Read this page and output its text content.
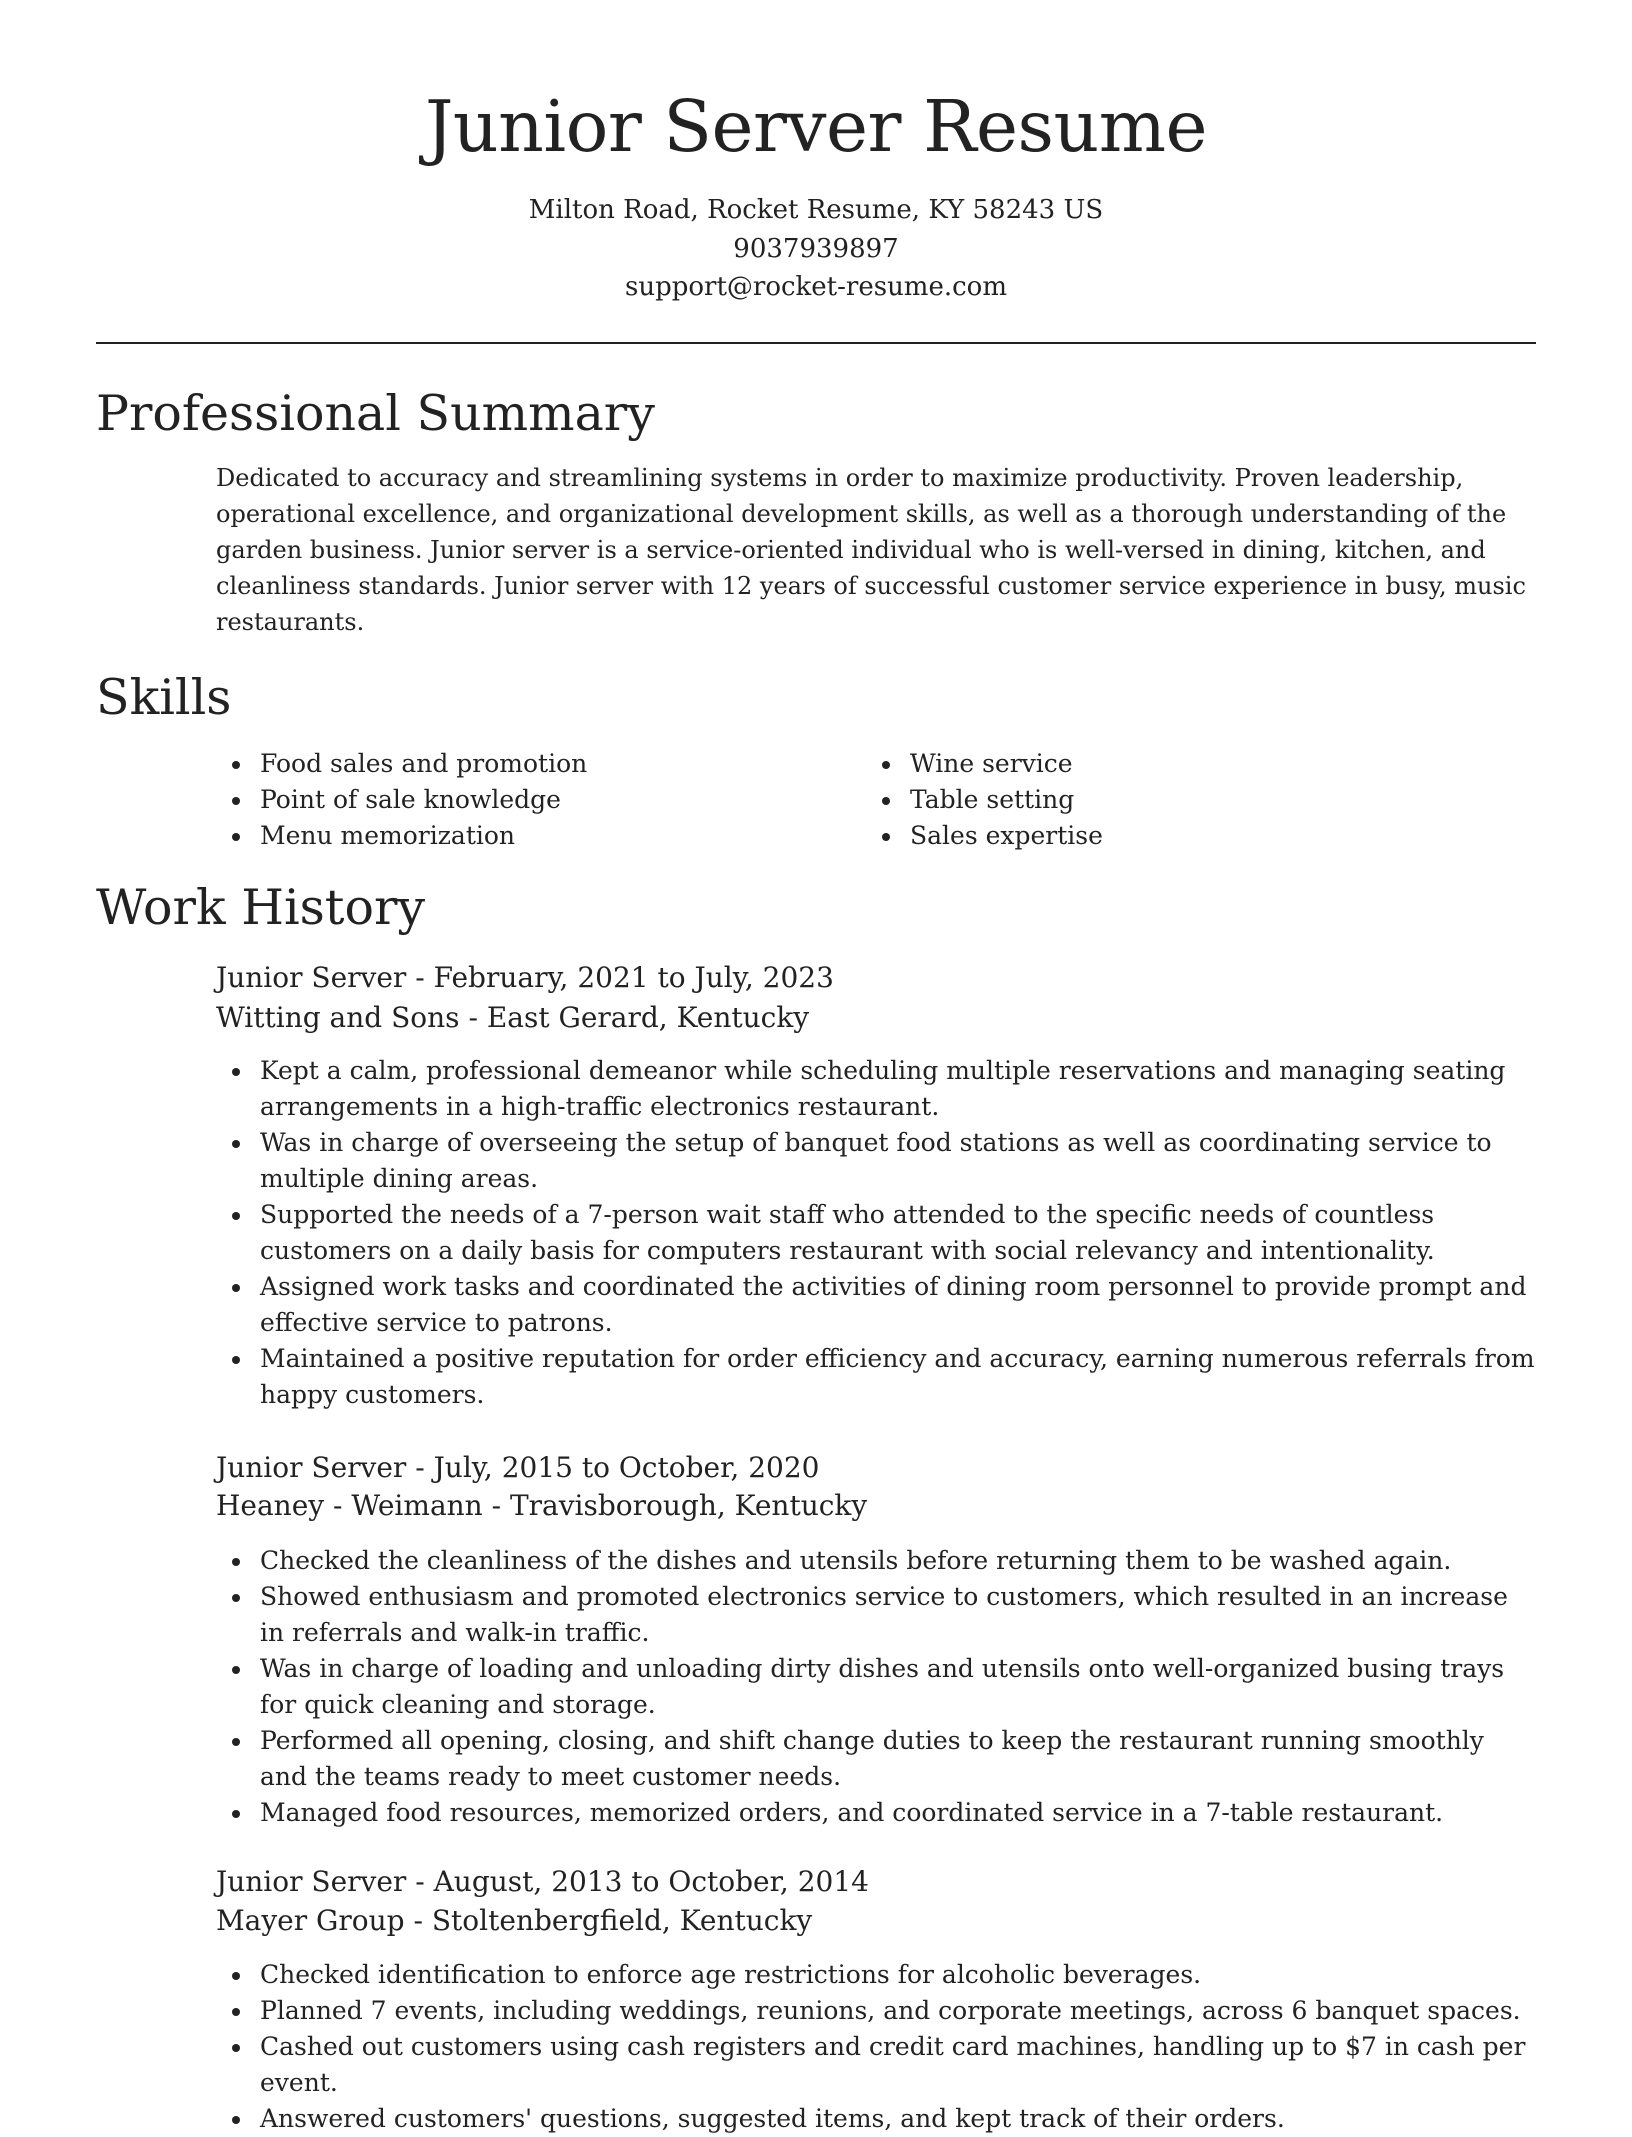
Junior Server Resume
Milton Road, Rocket Resume, KY 58243 US
9037939897
support@rocket-resume.com
Professional Summary

Dedicated to accuracy and streamlining systems in order to maximize productivity. Proven leadership, operational excellence, and organizational development skills, as well as a thorough understanding of the garden business. Junior server is a service-oriented individual who is well-versed in dining, kitchen, and cleanliness standards. Junior server with 12 years of successful customer service experience in busy, music restaurants.

Skills
Food sales and promotion
Point of sale knowledge
Menu memorization
Wine service
Table setting
Sales expertise
Work History
Junior Server - February, 2021 to July, 2023
Witting and Sons - East Gerard, Kentucky
Kept a calm, professional demeanor while scheduling multiple reservations and managing seating arrangements in a high-traffic electronics restaurant.
Was in charge of overseeing the setup of banquet food stations as well as coordinating service to multiple dining areas.
Supported the needs of a 7-person wait staff who attended to the specific needs of countless customers on a daily basis for computers restaurant with social relevancy and intentionality.
Assigned work tasks and coordinated the activities of dining room personnel to provide prompt and effective service to patrons.
Maintained a positive reputation for order efficiency and accuracy, earning numerous referrals from happy customers.
Junior Server - July, 2015 to October, 2020
Heaney - Weimann - Travisborough, Kentucky
Checked the cleanliness of the dishes and utensils before returning them to be washed again.
Showed enthusiasm and promoted electronics service to customers, which resulted in an increase in referrals and walk-in traffic.
Was in charge of loading and unloading dirty dishes and utensils onto well-organized busing trays for quick cleaning and storage.
Performed all opening, closing, and shift change duties to keep the restaurant running smoothly and the teams ready to meet customer needs.
Managed food resources, memorized orders, and coordinated service in a 7-table restaurant.
Junior Server - August, 2013 to October, 2014
Mayer Group - Stoltenbergfield, Kentucky
Checked identification to enforce age restrictions for alcoholic beverages.
Planned 7 events, including weddings, reunions, and corporate meetings, across 6 banquet spaces.
Cashed out customers using cash registers and credit card machines, handling up to $7 in cash per event.
Answered customers' questions, suggested items, and kept track of their orders.
